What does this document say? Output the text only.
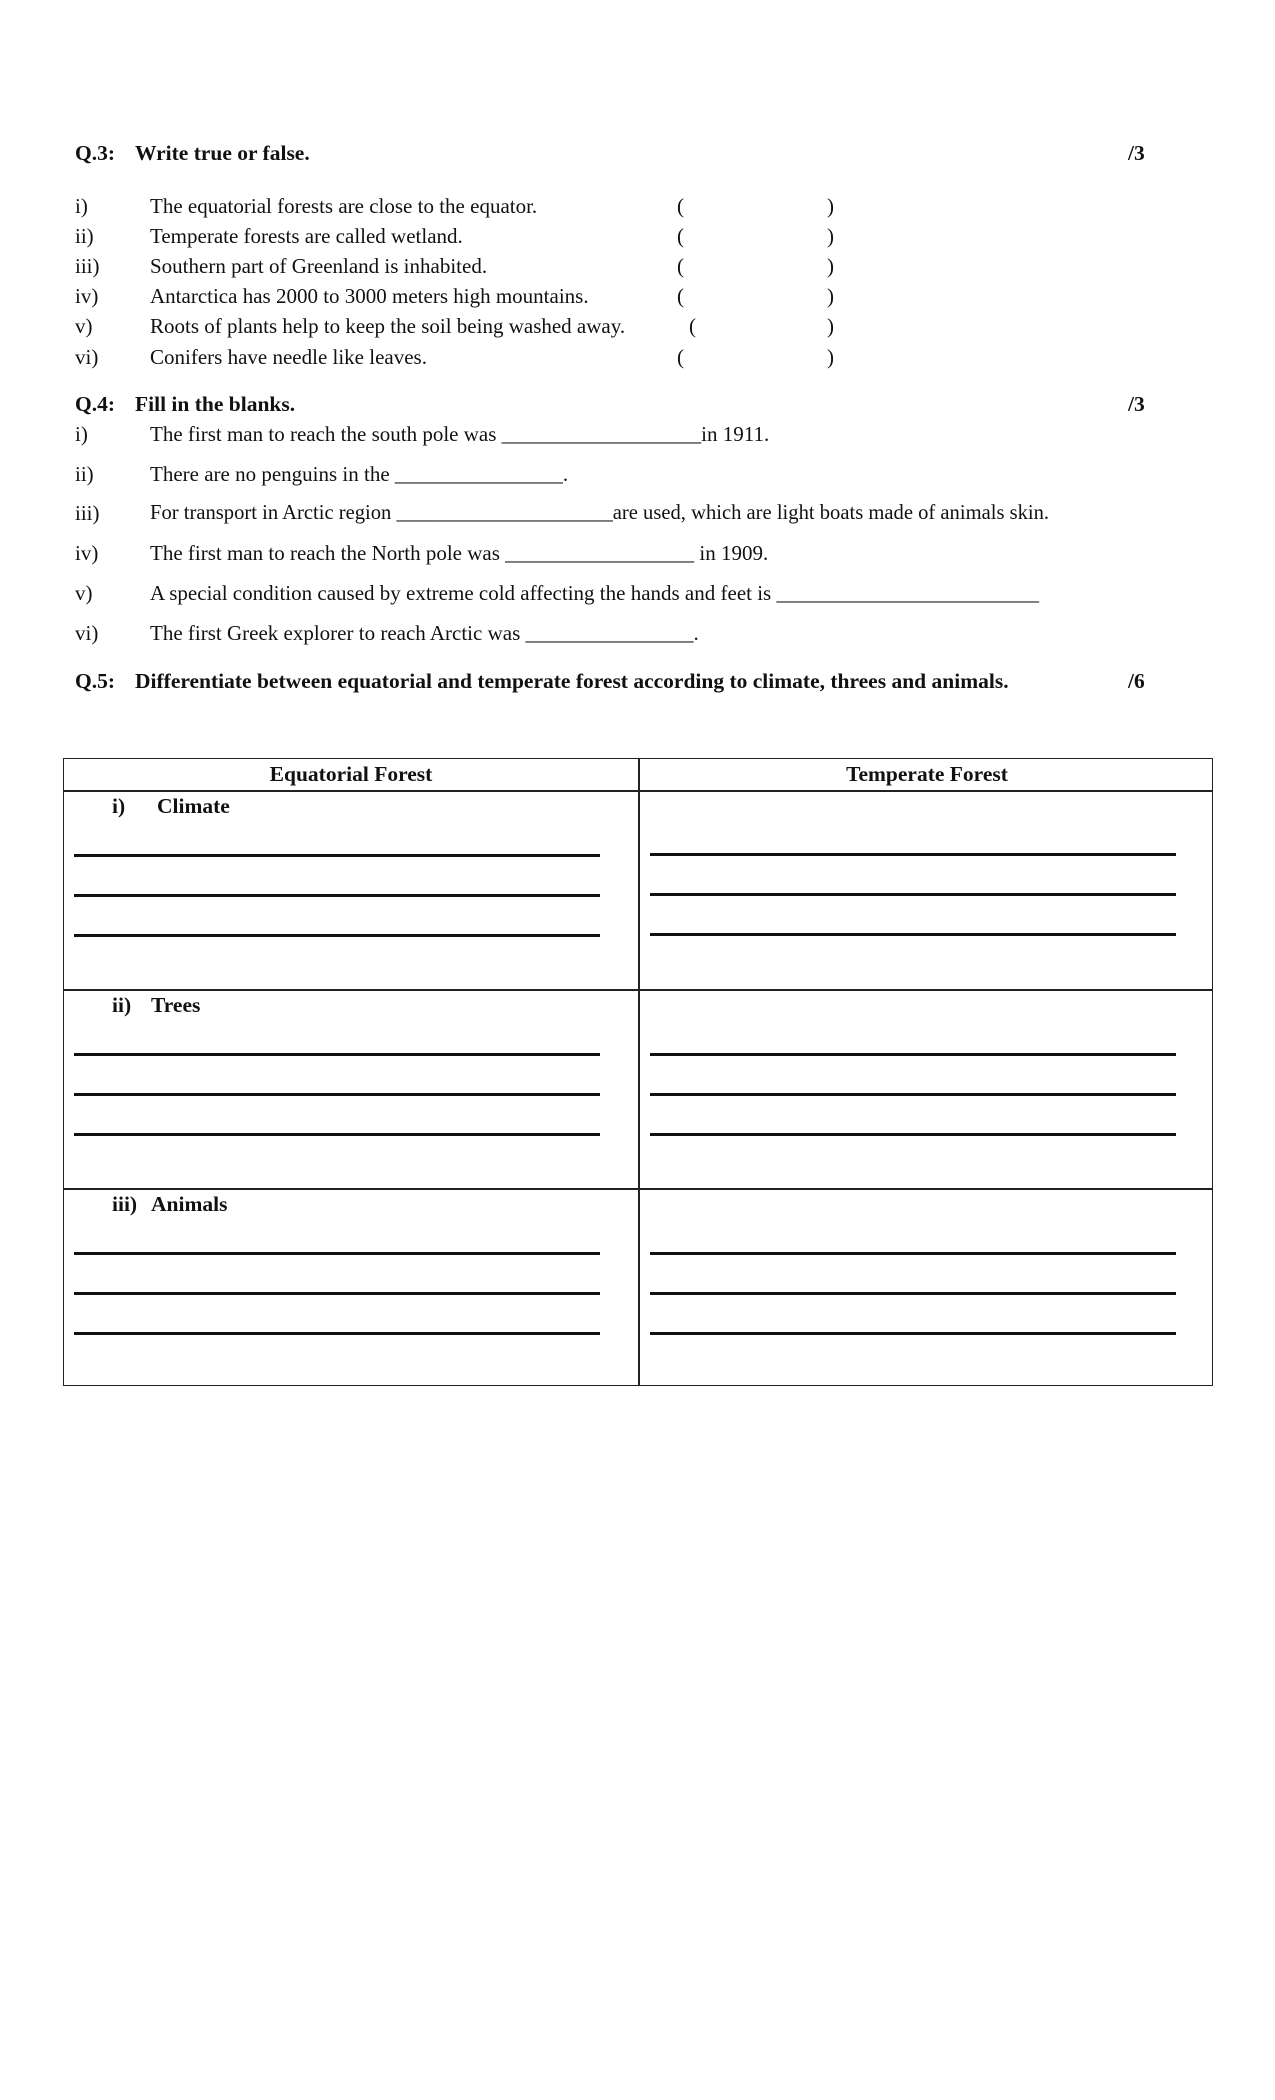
Q.3: Write true or false.	/3
i)	The equatorial forests are close to the equator.	(	)
ii)	Temperate forests are called wetland.	(	)
iii) Southern part of Greenland is inhabited.	(	)
iv) Antarctica has 2000 to 3000 meters high mountains.	(	)
v)	Roots of plants help to keep the soil being washed away.	(	)
vi) Conifers have needle like leaves.	(	)
Q.4: Fill in the blanks.	/3
i)	The first man to reach the south pole was ___________________in 1911.
ii)	There are no penguins in the ________________.
iii) For transport in Arctic region _____________________are used, which are light boats made of animals skin.
iv) The first man to reach the North pole was __________________ in 1909.
v)	A special condition caused by extreme cold affecting the hands and feet is _________________________
vi) The first Greek explorer to reach Arctic was ________________.
Q.5: Differentiate between equatorial and temperate forest according to climate, threes and animals.	/6
Equatorial Forest	Temperate Forest
i) Climate
ii) Trees
iii) Animals
